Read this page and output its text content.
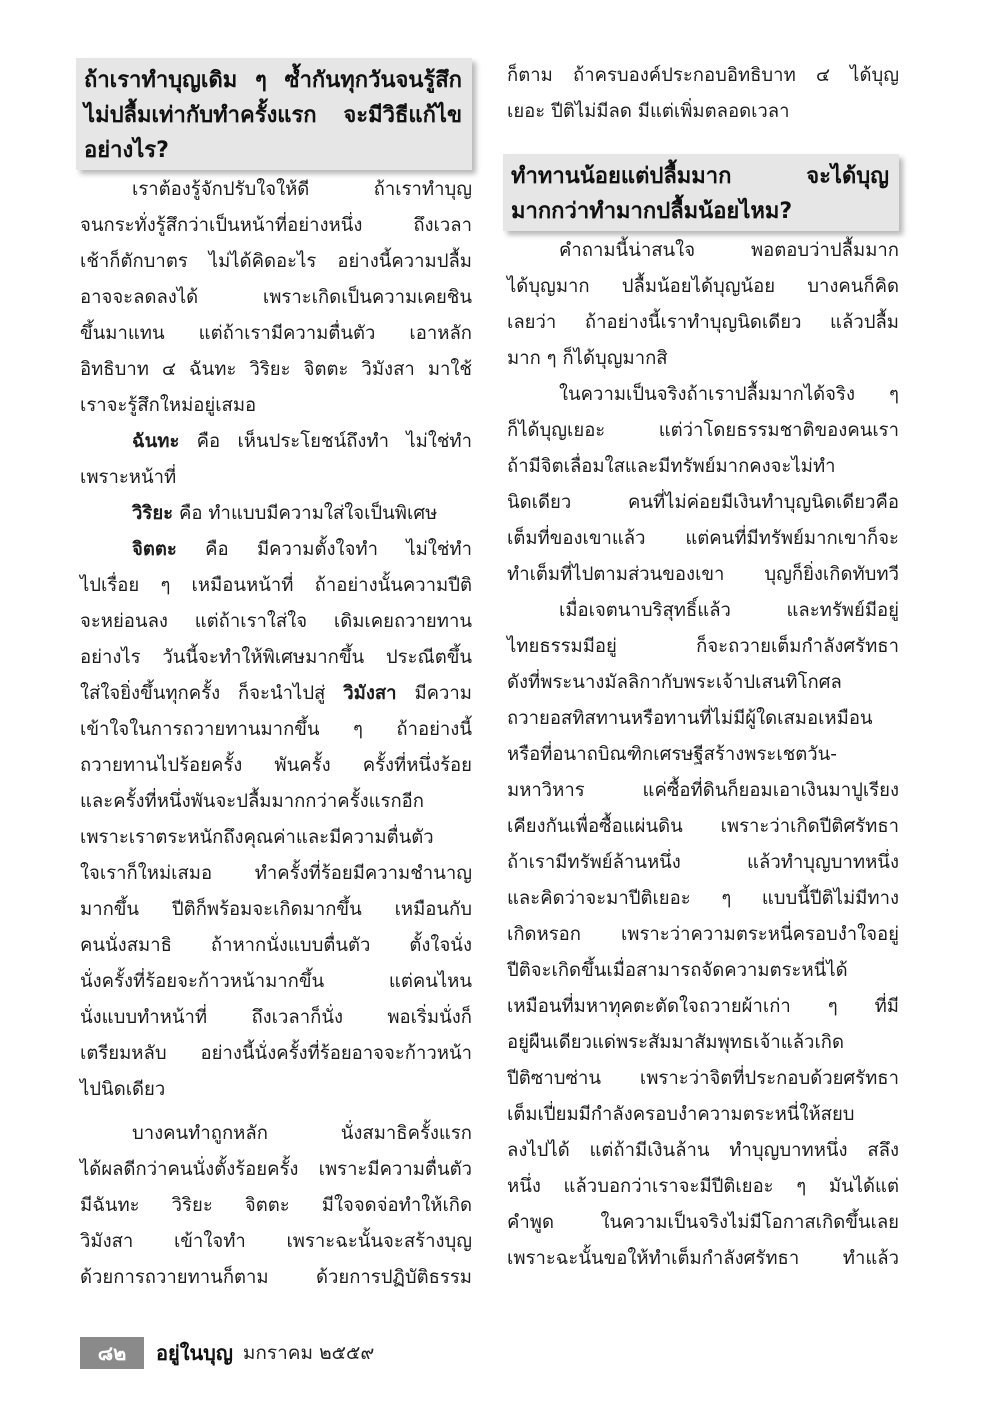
ถ้าเราทำบุญเดิม ๆ ซ้ำกันทุกวันจนรู้สึก

ไม่ปลื้มเท่ากับทำครั้งแรก จะมีวิธีแก้ไข

อย่างไร?

เราต้องรู้จักปรับใจให้ดี ถ้าเราทำบุญ

จนกระทั่งรู้สึกว่าเป็นหน้าที่อย่างหนึ่ง ถึงเวลา

เช้าก็ตักบาตร ไม่ได้คิดอะไร อย่างนี้ความปลื้ม

อาจจะลดลงได้ เพราะเกิดเป็นความเคยชิน

ขึ้นมาแทน แต่ถ้าเรามีความตื่นตัว เอาหลัก

อิทธิบาท ๔ ฉันทะ วิริยะ จิตตะ วิมังสา มาใช้

เราจะรู้สึกใหม่อยู่เสมอ

ฉันทะ คือ เห็นประโยชน์ถึงทำ ไม่ใช่ทำ

เพราะหน้าที่

วิริยะ คือ ทำแบบมีความใส่ใจเป็นพิเศษ

จิตตะ คือ มีความตั้งใจทำ ไม่ใช่ทำ

ไปเรื่อย ๆ เหมือนหน้าที่ ถ้าอย่างนั้นความปีติ

จะหย่อนลง แต่ถ้าเราใส่ใจ เดิมเคยถวายทาน

อย่างไร วันนี้จะทำให้พิเศษมากขึ้น ประณีตขึ้น

ใส่ใจยิ่งขึ้นทุกครั้ง ก็จะนำไปสู่ วิมังสา มีความ

เข้าใจในการถวายทานมากขึ้น ๆ ถ้าอย่างนี้

ถวายทานไปร้อยครั้ง พันครั้ง ครั้งที่หนึ่งร้อย

และครั้งที่หนึ่งพันจะปลื้มมากกว่าครั้งแรกอีก

เพราะเราตระหนักถึงคุณค่าและมีความตื่นตัว

ใจเราก็ใหม่เสมอ ทำครั้งที่ร้อยมีความชำนาญ

มากขึ้น ปีติก็พร้อมจะเกิดมากขึ้น เหมือนกับ

คนนั่งสมาธิ ถ้าหากนั่งแบบตื่นตัว ตั้งใจนั่ง

นั่งครั้งที่ร้อยจะก้าวหน้ามากขึ้น แต่คนไหน

นั่งแบบทำหน้าที่ ถึงเวลาก็นั่ง พอเริ่มนั่งก็

เตรียมหลับ อย่างนี้นั่งครั้งที่ร้อยอาจจะก้าวหน้า

ไปนิดเดียว

บางคนทำถูกหลัก นั่งสมาธิครั้งแรก

ได้ผลดีกว่าคนนั่งตั้งร้อยครั้ง เพราะมีความตื่นตัว

มีฉันทะ วิริยะ จิตตะ มีใจจดจ่อทำให้เกิด

วิมังสา เข้าใจทำ เพราะฉะนั้นจะสร้างบุญ

ด้วยการถวายทานก็ตาม ด้วยการปฏิบัติธรรม

ก็ตาม ถ้าครบองค์ประกอบอิทธิบาท ๔ ได้บุญ

เยอะ ปีติไม่มีลด มีแต่เพิ่มตลอดเวลา

ทำทานน้อยแต่ปลื้มมาก จะได้บุญ

มากกว่าทำมากปลื้มน้อยไหม?

คำถามนี้น่าสนใจ พอตอบว่าปลื้มมาก

ได้บุญมาก ปลื้มน้อยได้บุญน้อย บางคนก็คิด

เลยว่า ถ้าอย่างนี้เราทำบุญนิดเดียว แล้วปลื้ม

มาก ๆ ก็ได้บุญมากสิ

ในความเป็นจริงถ้าเราปลื้มมากได้จริง ๆ

ก็ได้บุญเยอะ แต่ว่าโดยธรรมชาติของคนเรา

ถ้ามีจิตเลื่อมใสและมีทรัพย์มากคงจะไม่ทำ

นิดเดียว คนที่ไม่ค่อยมีเงินทำบุญนิดเดียวคือ

เต็มที่ของเขาแล้ว แต่คนที่มีทรัพย์มากเขาก็จะ

ทำเต็มที่ไปตามส่วนของเขา บุญก็ยิ่งเกิดทับทวี

เมื่อเจตนาบริสุทธิ์แล้ว และทรัพย์มีอยู่

ไทยธรรมมีอยู่ ก็จะถวายเต็มกำลังศรัทธา

ดังที่พระนางมัลลิกากับพระเจ้าปเสนทิโกศล

ถวายอสทิสทานหรือทานที่ไม่มีผู้ใดเสมอเหมือน

หรือที่อนาถบิณฑิกเศรษฐีสร้างพระเชตวัน-

มหาวิหาร แค่ซื้อที่ดินก็ยอมเอาเงินมาปูเรียง

เคียงกันเพื่อซื้อแผ่นดิน เพราะว่าเกิดปีติศรัทธา

ถ้าเรามีทรัพย์ล้านหนึ่ง แล้วทำบุญบาทหนึ่ง

และคิดว่าจะมาปีติเยอะ ๆ แบบนี้ปีติไม่มีทาง

เกิดหรอก เพราะว่าความตระหนี่ครอบงำใจอยู่

ปีติจะเกิดขึ้นเมื่อสามารถจัดความตระหนี่ได้

เหมือนที่มหาทุคตะตัดใจถวายผ้าเก่า ๆ ที่มี

อยู่ผืนเดียวแด่พระสัมมาสัมพุทธเจ้าแล้วเกิด

ปีติซาบซ่าน เพราะว่าจิตที่ประกอบด้วยศรัทธา

เต็มเปี่ยมมีกำลังครอบงำความตระหนี่ให้สยบ

ลงไปได้ แต่ถ้ามีเงินล้าน ทำบุญบาทหนึ่ง สลึง

หนึ่ง แล้วบอกว่าเราจะมีปีติเยอะ ๆ มันได้แต่

คำพูด ในความเป็นจริงไม่มีโอกาสเกิดขึ้นเลย

เพราะฉะนั้นขอให้ทำเต็มกำลังศรัทธา ทำแล้ว

๘๒	อยู่ในบุญ มกราคม ๒๕๕๙
